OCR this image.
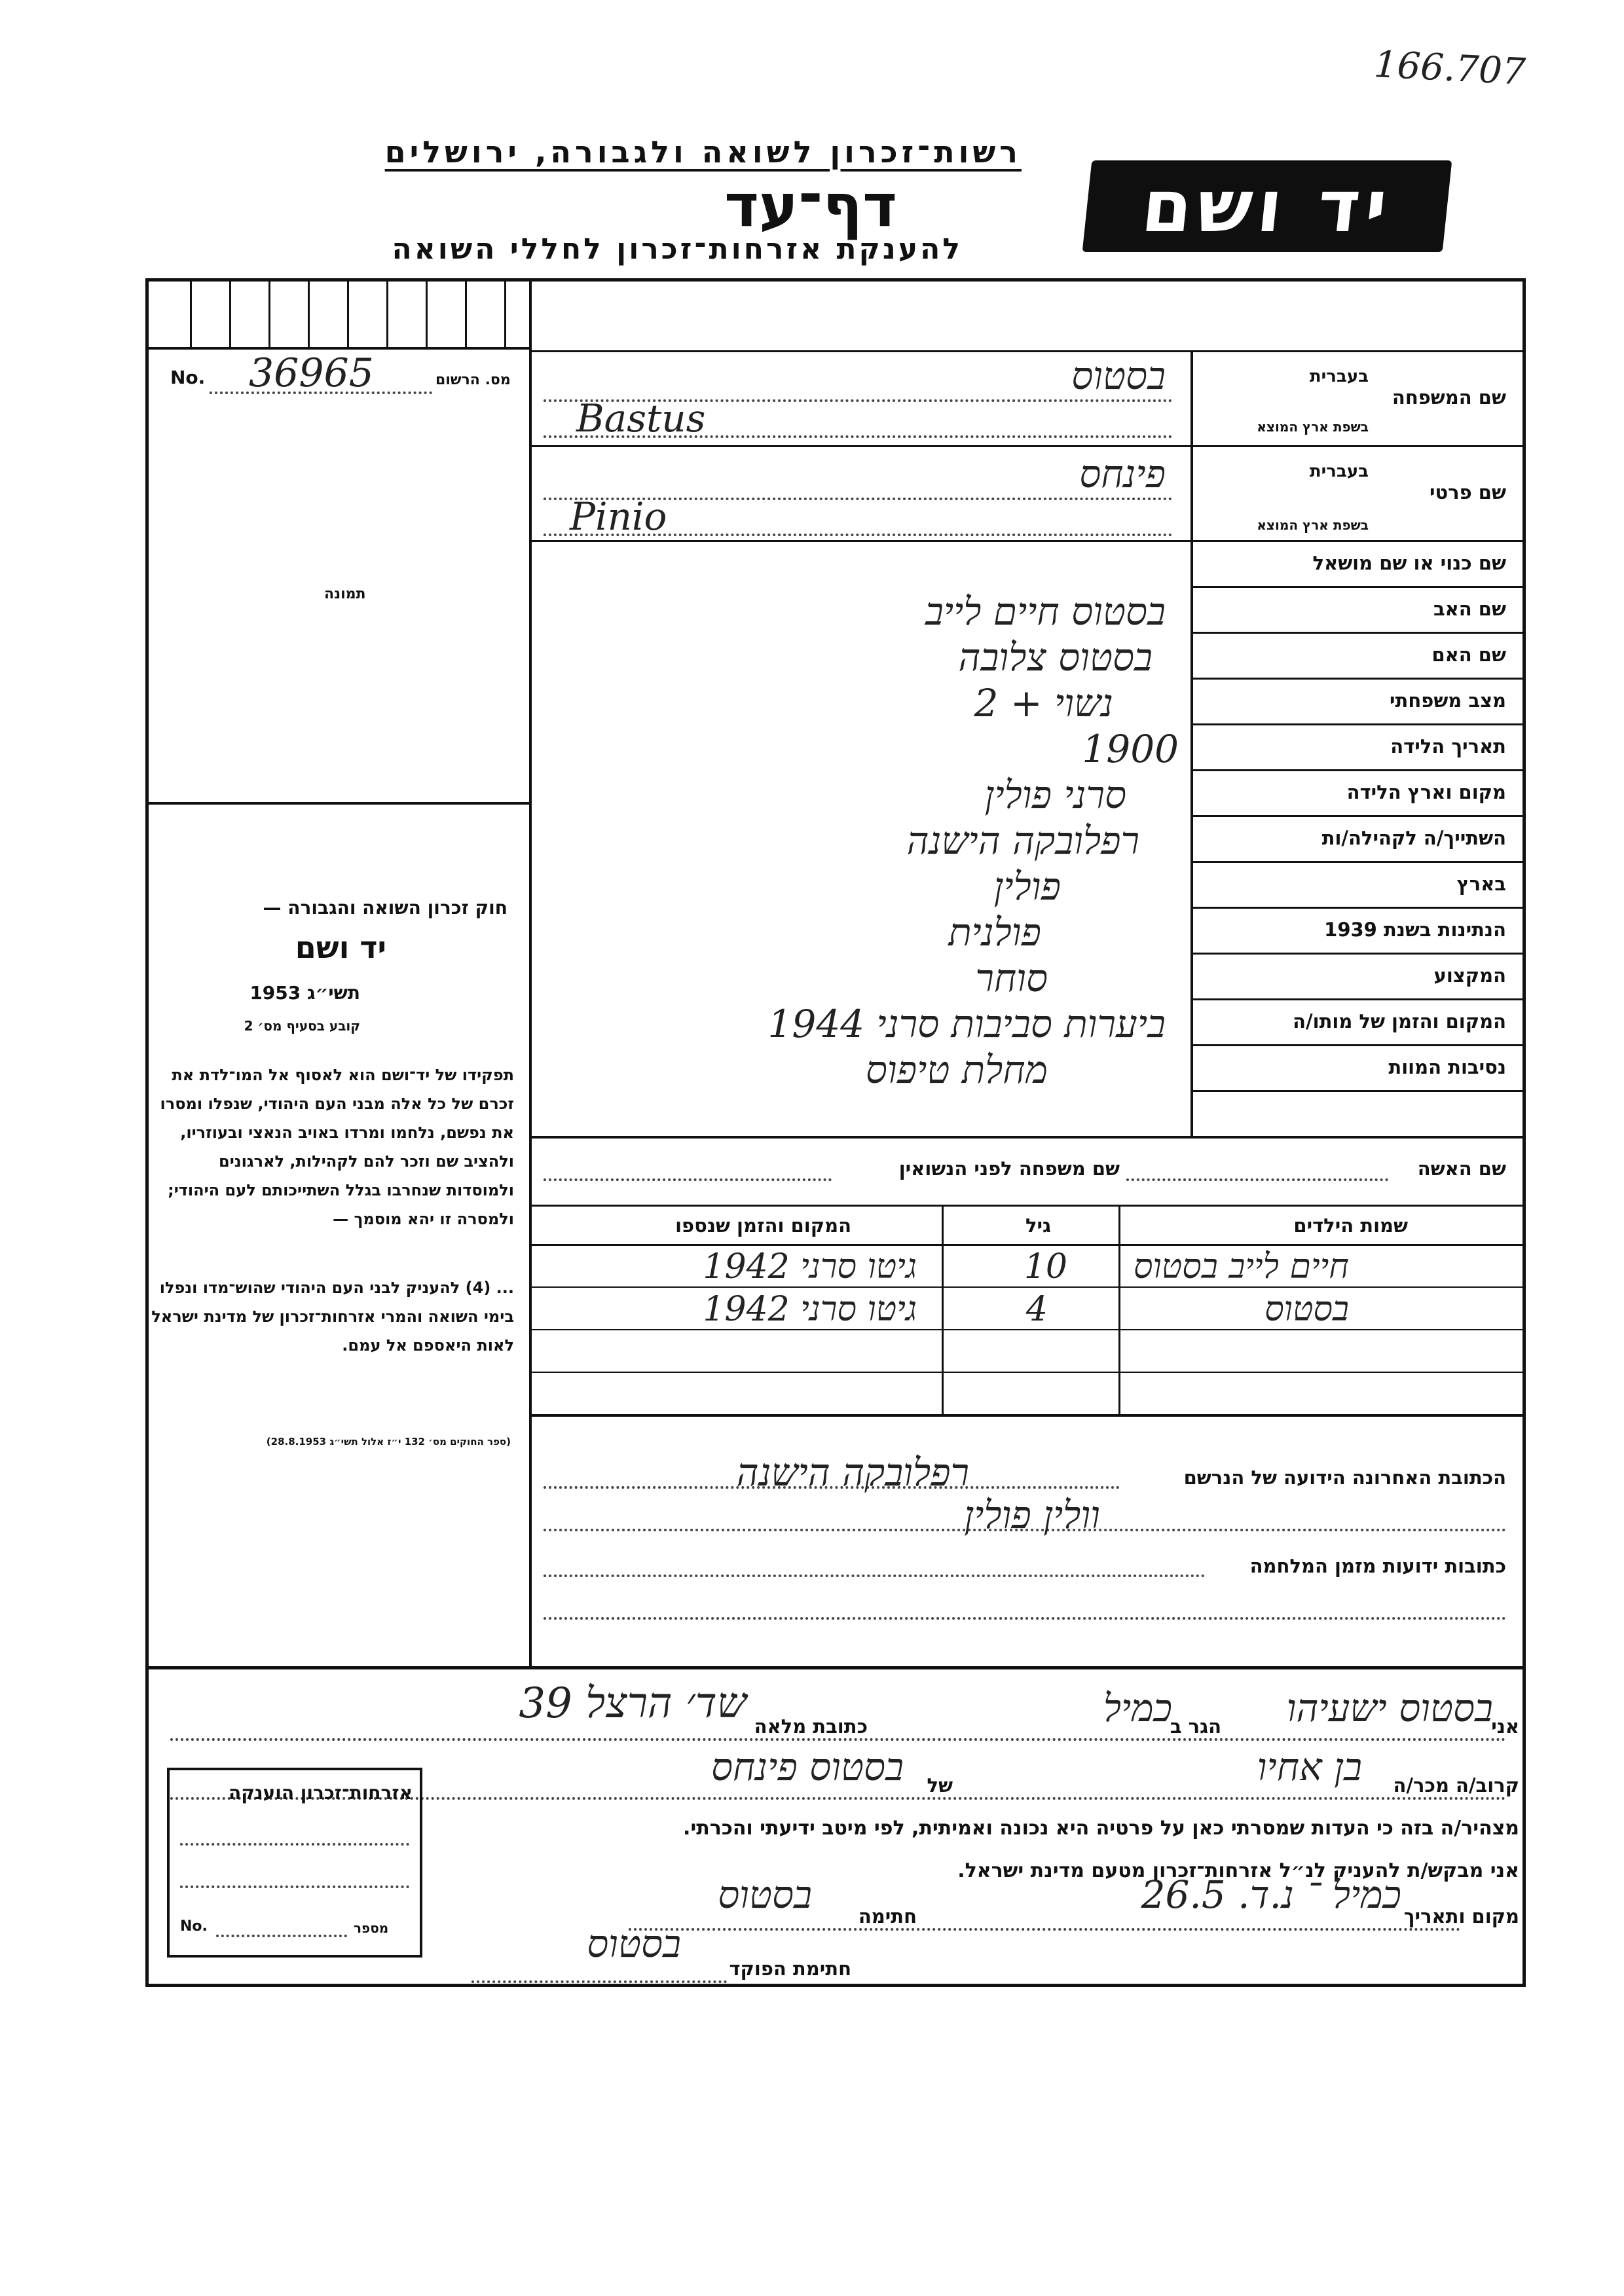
166.707
רשות־זכרון לשואה ולגבורה, ירושלים
דף־עד
להענקת אזרחות־זכרון לחללי השואה
יד ושם
No. 36965	מס. הרשום
תמונה
חוק זכרון השואה והגבורה —
יד ושם
תשי״ג 1953
קובע בסעיף מס׳ 2
תפקידו של יד־ושם הוא לאסוף אל המו־לדת את זכרם של כל אלה מבני העם היהודי, שנפלו ומסרו את נפשם, נלחמו ומרדו באויב הנאצי ובעוזריו, ולהציב שם וזכר להם לקהילות, לארגונים ולמוסדות שנחרבו בגלל השתייכותם לעם היהודי; ולמסרה זו יהא מוסמך —
... (4) להעניק לבני העם היהודי שהוש־מדו ונפלו בימי השואה והמרי אזרחות־זכרון של מדינת ישראל לאות היאספם אל עמם.
(ספר החוקים מס׳ 132 י״ז אלול תשי״ג 28.8.1953)
שם המשפחה
בעברית
בשפת ארץ המוצא
שם פרטי
בעברית
בשפת ארץ המוצא
שם כנוי או שם מושאל
שם האב
שם האם
מצב משפחתי
תאריך הלידה
מקום וארץ הלידה
השתייך/ה לקהילה/ות
בארץ
הנתינות בשנת 1939
המקצוע
המקום והזמן של מותו/ה
נסיבות המוות
בסטוס
Bastus
פינחס
Pinio
בסטוס חיים לייב
בסטוס צלובה
נשוי + 2
1900
סרני פולין
רפלובקה הישנה
פולין
פולנית
סוחר
ביערות סביבות סרני 1944
מחלת טיפוס
שם האשה
שם משפחה לפני הנשואין
שמות הילדים
גיל
המקום והזמן שנספו
חיים לייב בסטוס
10
גיטו סרני 1942
בסטוס
4
גיטו סרני 1942
הכתובת האחרונה הידועה של הנרשם
רפלובקה הישנה
וולין פולין
כתובות ידועות מזמן המלחמה
אני
בסטוס ישעיהו
הגר ב
כמיל
כתובת מלאה
שד׳ הרצל 39
קרוב/ה מכר/ה
בן אחיו
של
בסטוס פינחס
מצהיר/ה בזה כי העדות שמסרתי כאן על פרטיה היא נכונה ואמיתית, לפי מיטב ידיעתי והכרתי.
אני מבקש/ת להעניק לנ״ל אזרחות־זכרון מטעם מדינת ישראל.
מקום ותאריך
כמיל ־ נ.ד. 26.5
חתימה
בסטוס
חתימת הפוקד
בסטוס
אזרחות־זכרון הוענקה
No.	מספר
